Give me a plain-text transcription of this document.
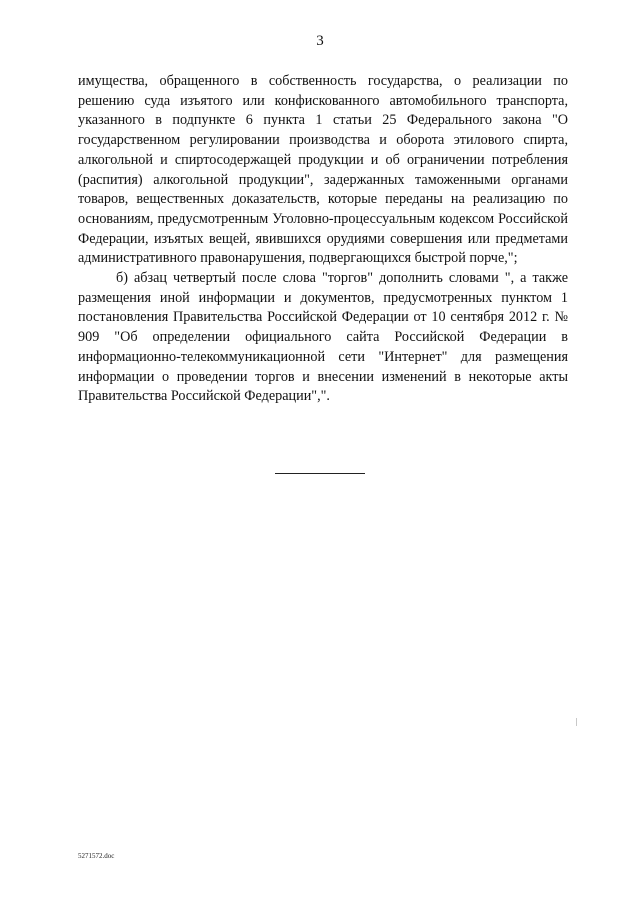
3

имущества, обращенного в собственность государства, о реализации по решению суда изъятого или конфискованного автомобильного транспорта, указанного в подпункте 6 пункта 1 статьи 25 Федерального закона "О государственном регулировании производства и оборота этилового спирта, алкогольной и спиртосодержащей продукции и об ограничении потребления (распития) алкогольной продукции", задержанных таможенными органами товаров, вещественных доказательств, которые переданы на реализацию по основаниям, предусмотренным Уголовно-процессуальным кодексом Российской Федерации, изъятых вещей, явившихся орудиями совершения или предметами административного правонарушения, подвергающихся быстрой порче,";

б) абзац четвертый после слова "торгов" дополнить словами ", а также размещения иной информации и документов, предусмотренных пунктом 1 постановления Правительства Российской Федерации от 10 сентября 2012 г. № 909 "Об определении официального сайта Российской Федерации в информационно-телекоммуникационной сети "Интернет" для размещения информации о проведении торгов и внесении изменений в некоторые акты Правительства Российской Федерации",".

5271572.doc
